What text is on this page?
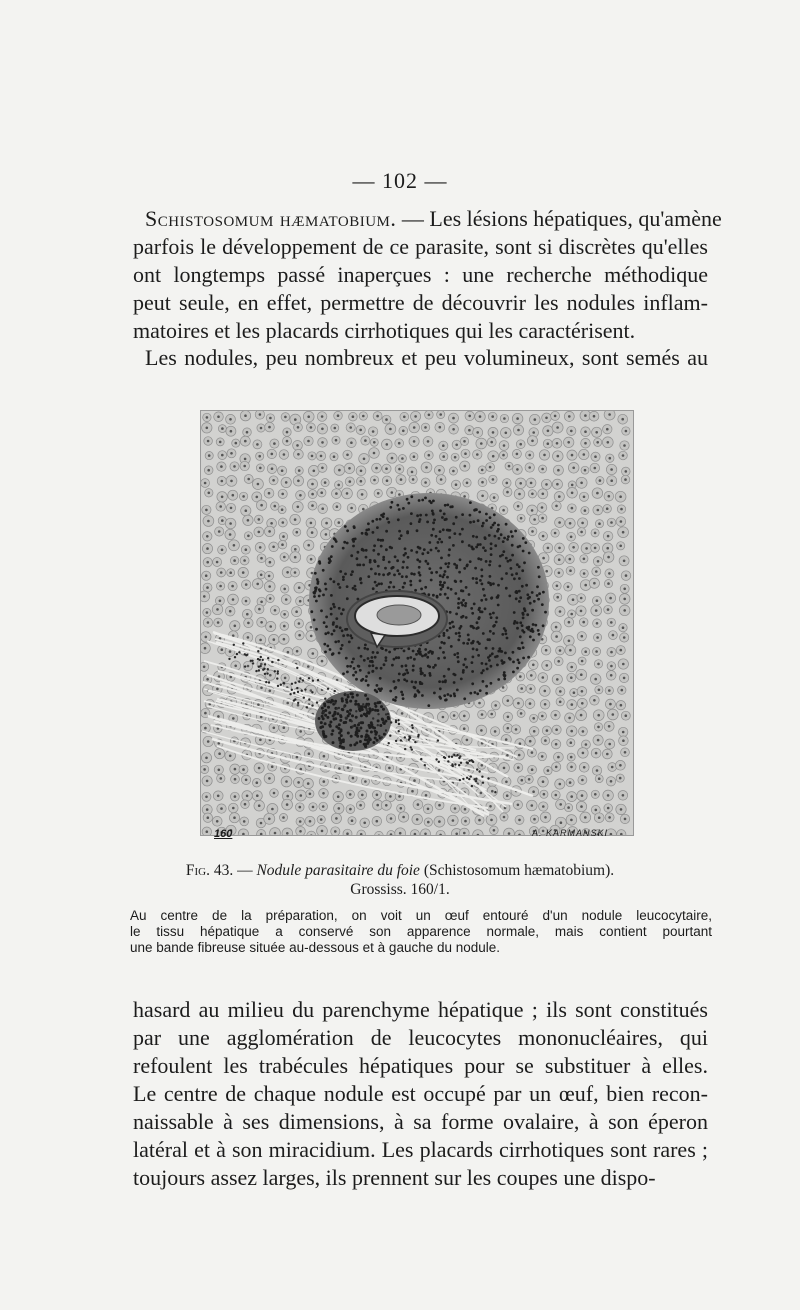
— 102 —

Schistosomum hæmatobium. — Les lésions hépatiques, qu'amène
parfois le développement de ce parasite, sont si discrètes qu'elles
ont longtemps passé inaperçues : une recherche méthodique
peut seule, en effet, permettre de découvrir les nodules inflam-
matoires et les placards cirrhotiques qui les caractérisent.

Les nodules, peu nombreux et peu volumineux, sont semés au

160	A. KARMANSKI
Fig. 43. — Nodule parasitaire du foie (Schistosomum hæmatobium).
Grossiss. 160/1.

Au centre de la préparation, on voit un œuf entouré d'un nodule leucocytaire,
le tissu hépatique a conservé son apparence normale, mais contient pourtant
une bande fibreuse située au-dessous et à gauche du nodule.

hasard au milieu du parenchyme hépatique ; ils sont constitués
par une agglomération de leucocytes mononucléaires, qui
refoulent les trabécules hépatiques pour se substituer à elles.
Le centre de chaque nodule est occupé par un œuf, bien recon-
naissable à ses dimensions, à sa forme ovalaire, à son éperon
latéral et à son miracidium. Les placards cirrhotiques sont rares ;
toujours assez larges, ils prennent sur les coupes une dispo-
